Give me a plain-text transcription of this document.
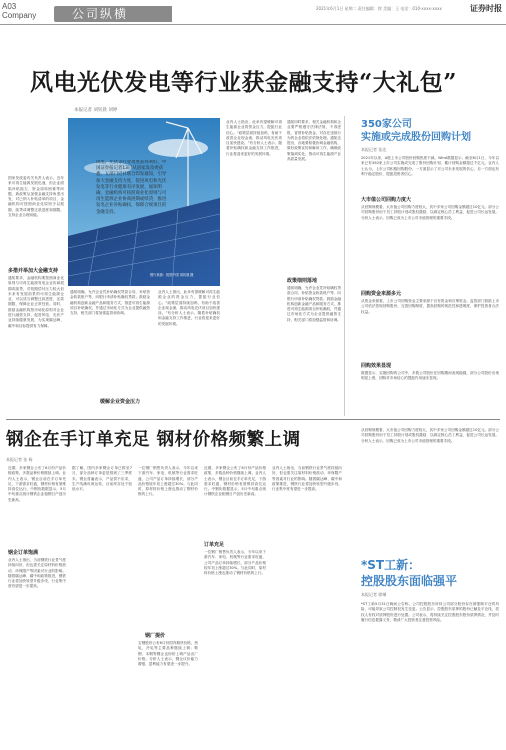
A03
Company	公司纵横	2021年6月1日 星期二 责任编辑：徐 美编：王 电话：010-xxxx-xxxx	证券时报
风电光伏发电等行业获金融支持“大礼包”
本报记者 刘钊晨 刘婷
风电、光伏等行业再度获得利好。中国证券报记者13日从国家发改委获悉，五部门近日联合印发通知，引导加大金融支持力度，促进风电和光伏发电等行业健康有序发展，通知明确，金融机构可按照商业化原则与可再生能源企业协商展期或续贷，推进发电企业补贴确权，保障合规项目的金融支持。
图片来源：视觉中国 刘钊晨 摄
国家发改委有关负责人表示，近年来可再生能源发展迅速，但企业面临补贴拖欠、资金周转困难等问题，新政策从加强金融支持角度出发，对已纳入补贴清单的项目，金融机构可按照商业化原则予以展期、续贷或调整还款进度和期限，支持企业合理用能。
多措并举加大金融支持
通知要求，金融机构要按照商业化原则与可再生能源发电企业协商展期或续贷，对短期偿付压力较大但未来有发展前景的可再生能源企业，可以适当调整还款进度、还款期限，保障企业正常经营。同时，鼓励金融机构按市场化原则对企业进行融资支持，促进风电、光伏产业持续健康发展，为实现碳达峰、碳中和目标提供有力保障。
通知明确，允许企业凭补贴确权贷款合同、补贴资金收款账户等，向银行申请补贴确权贷款；鼓励金融机构创新金融产品和服务方式，推进可再生能源项目补贴确权，并通过市场化方式为企业提供融资支持，相关部门将加强监管和协调。
缓解企业资金压力
业内人士指出，此举有望缓解可再生能源企业的资金压力，提振行业信心。“政策层面持续加码，有助于改善企业现金流，推动风电光伏项目加快建设。”有分析人士表示，随着补贴确权和金融支持工作推进，行业将迎来更好的发展环境。
业内人士指出，此举有望缓解可再生能源企业的资金压力，提振行业信心。“政策层面持续加码，有助于改善企业现金流，推动风电光伏项目加快建设。”有分析人士表示，随着补贴确权和金融支持工作推进，行业将迎来更好的发展环境。
政策细则落地
通知同时要求，相关金融机构和企业要严格遵守法律法规，不得虚报、冒领补贴资金，对存在违规行为的企业将依法依规处理。通知还提出，各地要积极协调金融机构，做好政策宣传和解读工作，确保政策落到实处，推动可再生能源产业高质量发展。
通知明确，允许企业凭补贴确权贷款合同、补贴资金收款账户等，向银行申请补贴确权贷款；鼓励金融机构创新金融产品和服务方式，推进可再生能源项目补贴确权，并通过市场化方式为企业提供融资支持，相关部门将加强监管和协调。
350家公司
实施或完成股份回购计划
本报记者 张达
2021年以来，A股上市公司股份回购热度不减。Wind数据显示，截至6月1日，今年以来已有350家上市公司实施或完成了股份回购计划，累计回购金额超过千亿元。业内人士认为，上市公司积极回购股份，一方面显示了对公司未来发展的信心，另一方面也有利于稳定股价、提振投资者信心。
大市值公司回购力度大
从回购规模看，大市值公司回购力度较大，其中多家公司回购金额超过10亿元。部分公司回购股份用于员工持股计划或股权激励，以绑定核心员工利益，促进公司长远发展。分析人士表示，回购已成为上市公司市值管理的重要手段。
回购资金来源多元
从资金来源看，上市公司回购资金主要来源于自有资金和自筹资金。监管部门鼓励上市公司依法依规回购股份，完善回购制度，提高回购的规范性和透明度，保护投资者合法权益。
回购效果显现
数据显示，实施回购的公司中，多数公司股价在回购期间表现稳健，部分公司股价出现明显上涨，回购对市场信心的提振作用逐步显现。
钢企在手订单充足 钢材价格频繁上调
本报记者 张 杨
近期，多家钢企公布了6月份产品价格政策，多数品种价格继续上调。业内人士表示，钢企目前在手订单充足，下游需求旺盛，钢材价格有望维持高位运行。中钢协数据显示，5月中旬重点统计钢铁企业粗钢日产创历史新高。
钢企订单饱满
业内人士指出，当前钢铁行业景气度持续向好，但也需关注原材料价格波动、环保限产等因素对行业的影响。随着碳达峰、碳中和政策推进，钢铁行业将加快转型升级步伐，行业集中度有望进一步提高。
据了解，国内多家钢企订单已排至7月，部分品种订单更是排到了三季度末。钢企普遍表示，产品供不应求，生产线满负荷运转，目前库存处于较低水平。
一位钢厂销售负责人表示，今年以来下游汽车、家电、机械等行业需求旺盛，公司产品订单持续增长，部分产品价格较年初上涨超过30%。与此同时，原材料价格上涨也推动了钢材价格的上行。
钢厂提价
宝钢股份公布6月份国内期货价格，热轧、冷轧等主要品种继续上调；鞍钢、本钢等钢企也纷纷上调产品出厂价格。分析人士表示，钢企议价能力增强，盈利能力有望进一步提升。
近期，多家钢企公布了6月份产品价格政策，多数品种价格继续上调。业内人士表示，钢企目前在手订单充足，下游需求旺盛，钢材价格有望维持高位运行。中钢协数据显示，5月中旬重点统计钢铁企业粗钢日产创历史新高。
订单充足
一位钢厂销售负责人表示，今年以来下游汽车、家电、机械等行业需求旺盛，公司产品订单持续增长，部分产品价格较年初上涨超过30%。与此同时，原材料价格上涨也推动了钢材价格的上行。
业内人士指出，当前钢铁行业景气度持续向好，但也需关注原材料价格波动、环保限产等因素对行业的影响。随着碳达峰、碳中和政策推进，钢铁行业将加快转型升级步伐，行业集中度有望进一步提高。
从回购规模看，大市值公司回购力度较大，其中多家公司回购金额超过10亿元。部分公司回购股份用于员工持股计划或股权激励，以绑定核心员工利益，促进公司长远发展。分析人士表示，回购已成为上市公司市值管理的重要手段。
*ST工新：
控股股东面临强平
本报记者 徐琳
*ST工新5月31日晚间公告称，公司控股股东所持公司部分股份存在被强制平仓的风险，可能导致公司控制权发生变更。公告显示，控股股东质押的股份已触及平仓线，质权人有权对质押股份进行处置。公司表示，将持续关注控股股东股份质押情况，并及时履行信息披露义务，敬请广大投资者注意投资风险。
